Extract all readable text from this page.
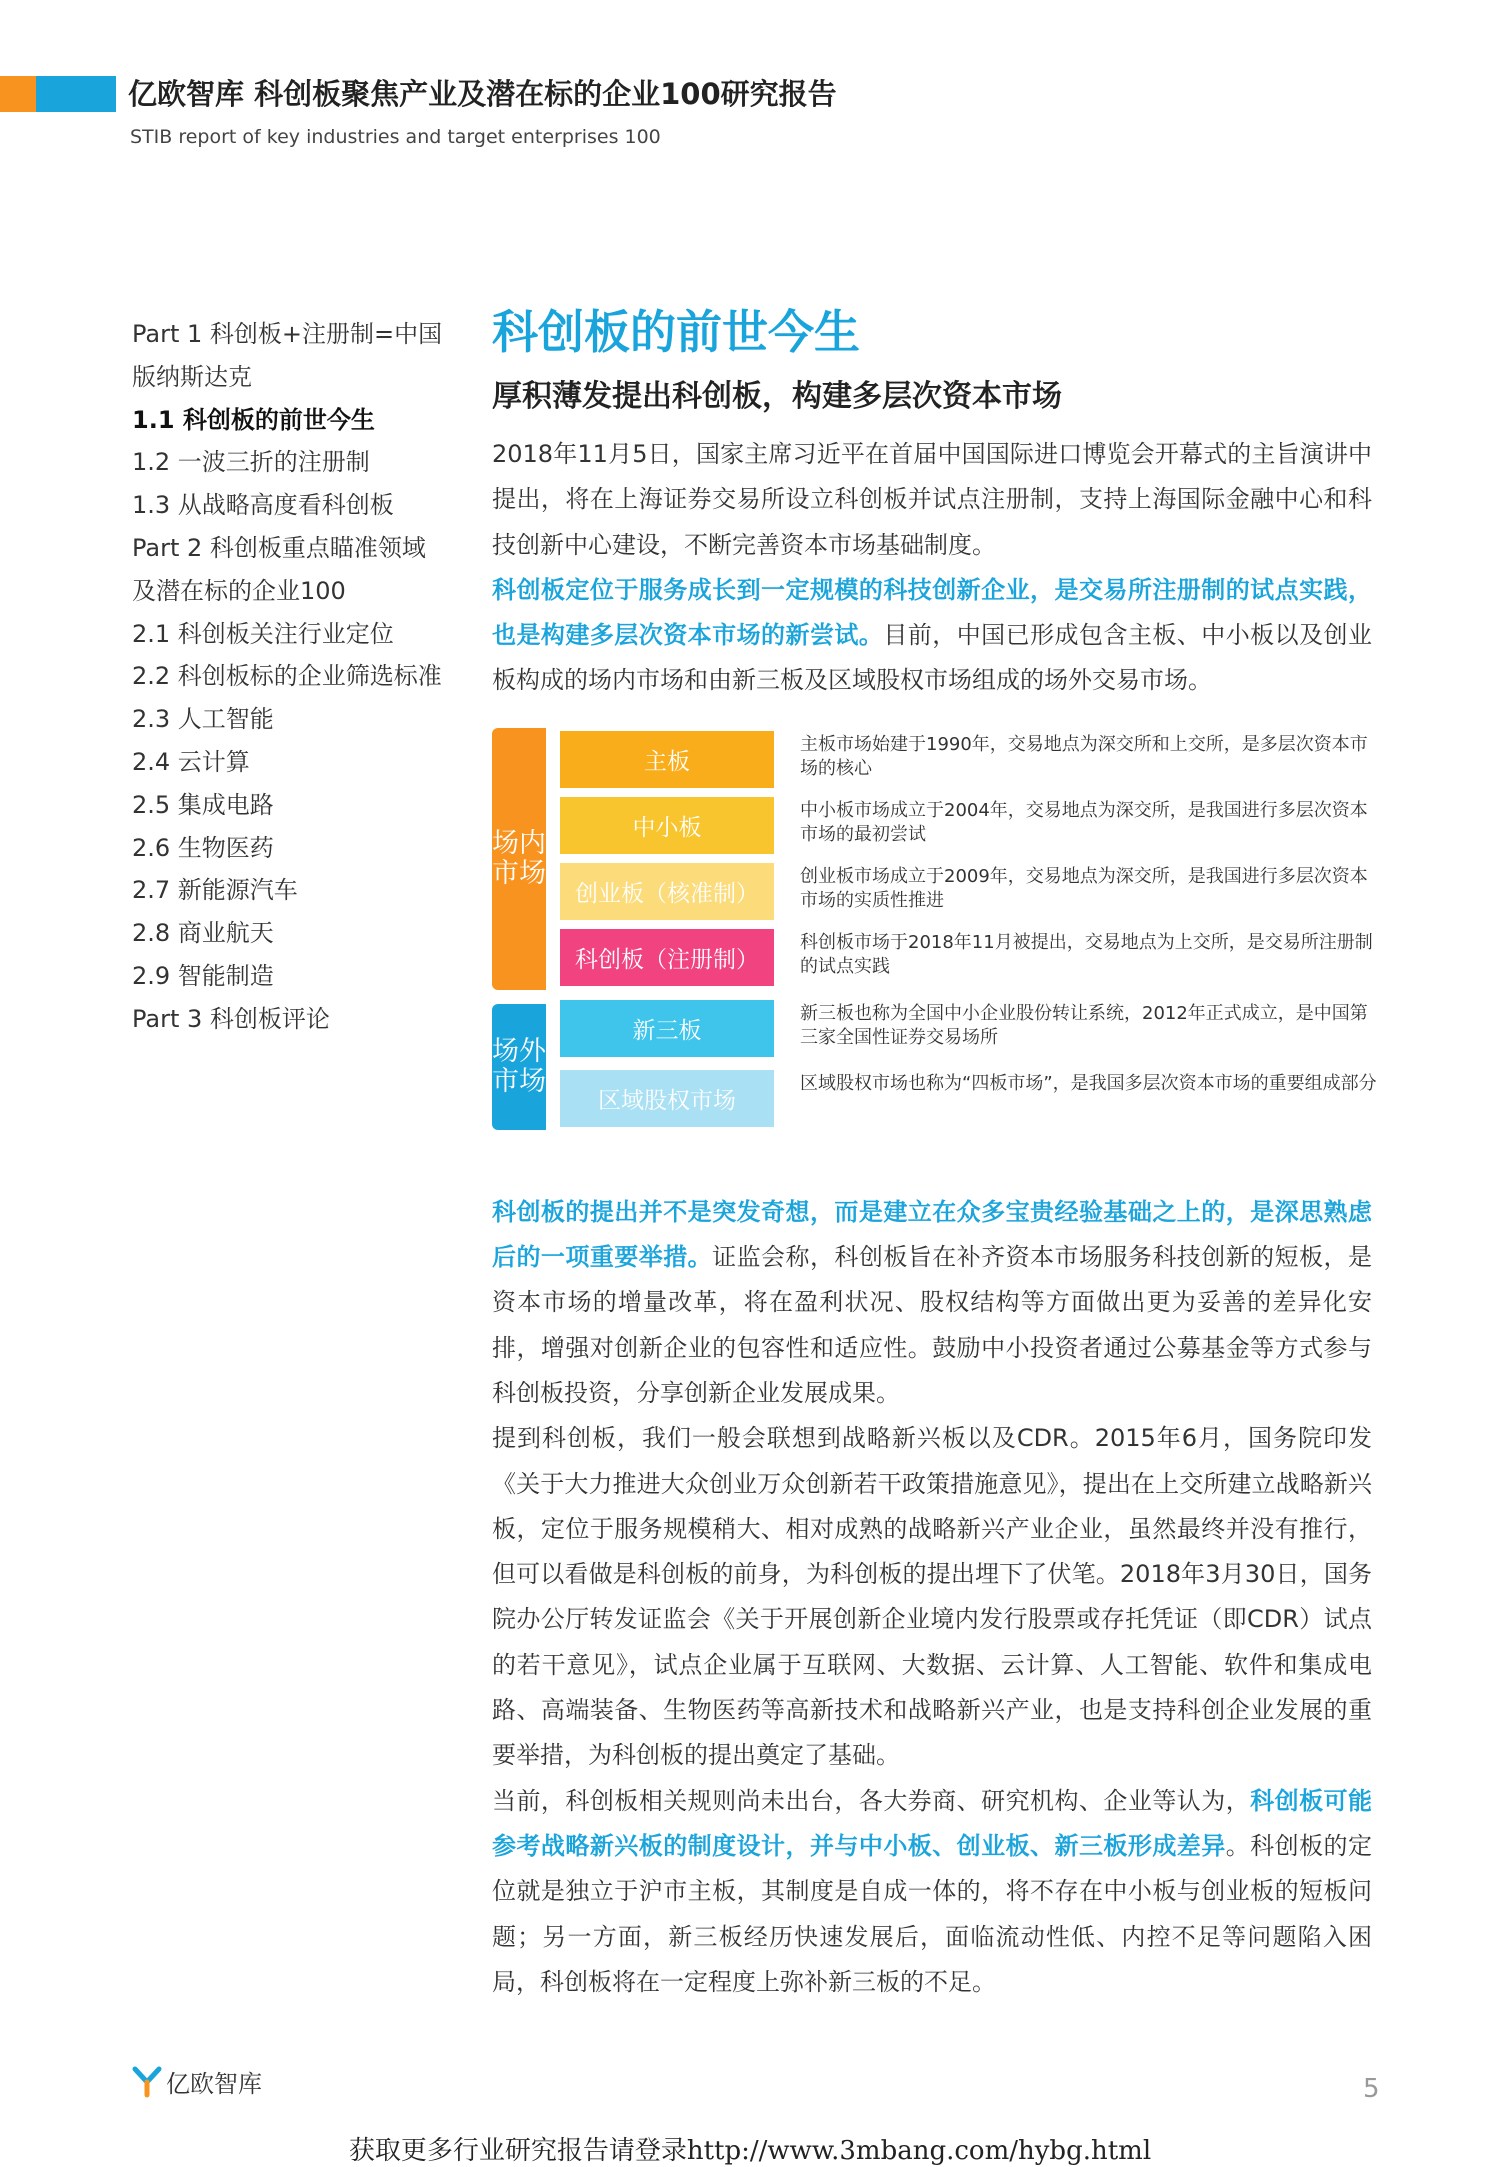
亿欧智库 科创板聚焦产业及潜在标的企业100研究报告
STIB report of key industries and target enterprises 100
Part 1 科创板+注册制=中国
版纳斯达克
1.1 科创板的前世今生
1.2 一波三折的注册制
1.3 从战略高度看科创板
Part 2 科创板重点瞄准领域
及潜在标的企业100
2.1 科创板关注行业定位
2.2 科创板标的企业筛选标准
2.3 人工智能
2.4 云计算
2.5 集成电路
2.6 生物医药
2.7 新能源汽车
2.8 商业航天
2.9 智能制造
Part 3 科创板评论
科创板的前世今生
厚积薄发提出科创板，构建多层次资本市场

2018年11月5日，国家主席习近平在首届中国国际进口博览会开幕式的主旨演讲中提出，将在上海证券交易所设立科创板并试点注册制，支持上海国际金融中心和科技创新中心建设，不断完善资本市场基础制度。

科创板定位于服务成长到一定规模的科技创新企业，是交易所注册制的试点实践，也是构建多层次资本市场的新尝试。目前，中国已形成包含主板、中小板以及创业板构成的场内市场和由新三板及区域股权市场组成的场外交易市场。

场内市场
场外市场
主板
主板市场始建于1990年，交易地点为深交所和上交所，是多层次资本市场的核心
中小板
中小板市场成立于2004年，交易地点为深交所，是我国进行多层次资本市场的最初尝试
创业板（核准制）
创业板市场成立于2009年，交易地点为深交所，是我国进行多层次资本市场的实质性推进
科创板（注册制）
科创板市场于2018年11月被提出，交易地点为上交所，是交易所注册制的试点实践
新三板
新三板也称为全国中小企业股份转让系统，2012年正式成立，是中国第三家全国性证券交易场所
区域股权市场
区域股权市场也称为“四板市场”，是我国多层次资本市场的重要组成部分

科创板的提出并不是突发奇想，而是建立在众多宝贵经验基础之上的，是深思熟虑后的一项重要举措。证监会称，科创板旨在补齐资本市场服务科技创新的短板，是资本市场的增量改革，将在盈利状况、股权结构等方面做出更为妥善的差异化安排，增强对创新企业的包容性和适应性。鼓励中小投资者通过公募基金等方式参与科创板投资，分享创新企业发展成果。

提到科创板，我们一般会联想到战略新兴板以及CDR。2015年6月，国务院印发《关于大力推进大众创业万众创新若干政策措施意见》，提出在上交所建立战略新兴板，定位于服务规模稍大、相对成熟的战略新兴产业企业，虽然最终并没有推行，但可以看做是科创板的前身，为科创板的提出埋下了伏笔。2018年3月30日，国务院办公厅转发证监会《关于开展创新企业境内发行股票或存托凭证（即CDR）试点的若干意见》，试点企业属于互联网、大数据、云计算、人工智能、软件和集成电路、高端装备、生物医药等高新技术和战略新兴产业，也是支持科创企业发展的重要举措，为科创板的提出奠定了基础。

当前，科创板相关规则尚未出台，各大券商、研究机构、企业等认为，科创板可能参考战略新兴板的制度设计，并与中小板、创业板、新三板形成差异。科创板的定位就是独立于沪市主板，其制度是自成一体的，将不存在中小板与创业板的短板问题；另一方面，新三板经历快速发展后，面临流动性低、内控不足等问题陷入困局，科创板将在一定程度上弥补新三板的不足。

亿欧智库	5
获取更多行业研究报告请登录http://www.3mbang.com/hybg.html
